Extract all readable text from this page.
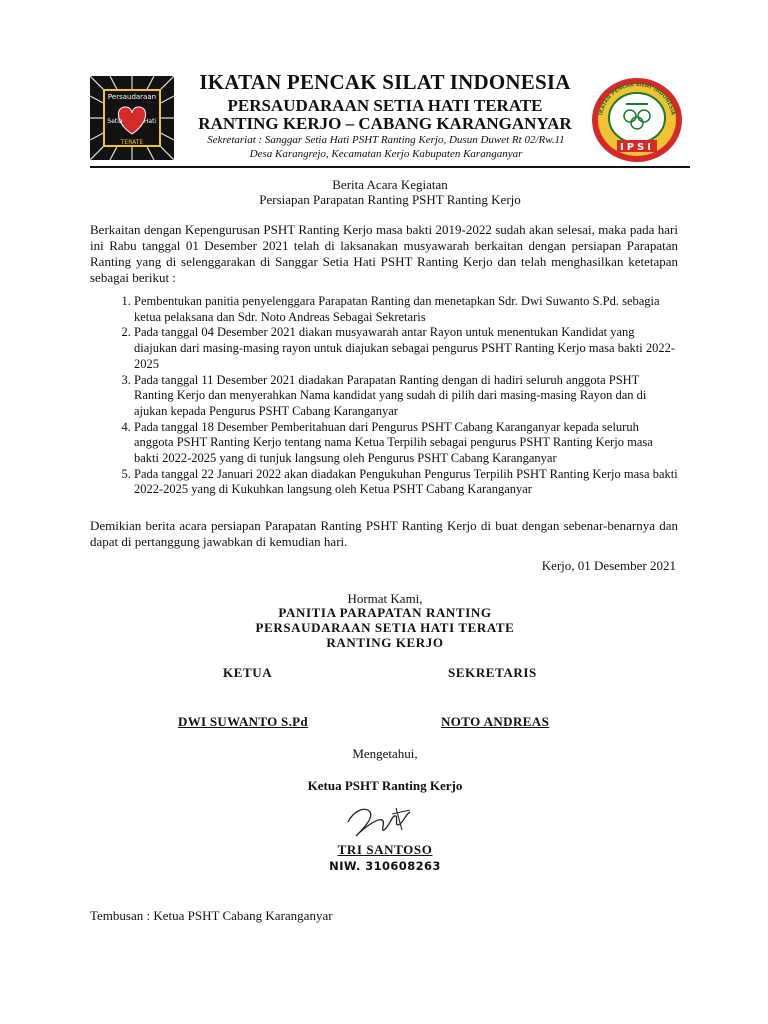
Persaudaraan
Setia	Hati
TERATE
IKATAN PENCAK SILAT INDONESIA
PERSAUDARAAN SETIA HATI TERATE
RANTING KERJO – CABANG KARANGANYAR
Sekretariat : Sanggar Setia Hati PSHT Ranting Kerjo, Dusun Duwet Rt 02/Rw.11
Desa Karangrejo, Kecamatan Kerjo Kabupaten Karanganyar
IKATAN PENCAK SILAT INDONESIA
IPSI
Berita Acara Kegiatan
Persiapan Parapatan Ranting PSHT Ranting Kerjo
Berkaitan dengan Kepengurusan PSHT Ranting Kerjo masa bakti 2019-2022 sudah akan selesai, maka pada hari ini Rabu tanggal 01 Desember 2021 telah di laksanakan musyawarah berkaitan dengan persiapan Parapatan Ranting yang di selenggarakan di Sanggar Setia Hati PSHT Ranting Kerjo dan telah menghasilkan ketetapan sebagai berikut :
1. Pembentukan panitia penyelenggara Parapatan Ranting dan menetapkan Sdr. Dwi Suwanto S.Pd. sebagia ketua pelaksana dan Sdr. Noto Andreas Sebagai Sekretaris
2. Pada tanggal 04 Desember 2021 diakan musyawarah antar Rayon untuk menentukan Kandidat yang diajukan dari masing-masing rayon untuk diajukan sebagai pengurus PSHT Ranting Kerjo masa bakti 2022-2025
3. Pada tanggal 11 Desember 2021 diadakan Parapatan Ranting dengan di hadiri seluruh anggota PSHT Ranting Kerjo dan menyerahkan Nama kandidat yang sudah di pilih dari masing-masing Rayon dan di ajukan kepada Pengurus PSHT Cabang Karanganyar
4. Pada tanggal 18 Desember Pemberitahuan dari Pengurus PSHT Cabang Karanganyar kepada seluruh anggota PSHT Ranting Kerjo tentang nama Ketua Terpilih sebagai pengurus PSHT Ranting Kerjo masa bakti 2022-2025 yang di tunjuk langsung oleh Pengurus PSHT Cabang Karanganyar
5. Pada tanggal 22 Januari 2022 akan diadakan Pengukuhan Pengurus Terpilih PSHT Ranting Kerjo masa bakti 2022-2025 yang di Kukuhkan langsung oleh Ketua PSHT Cabang Karanganyar
Demikian berita acara persiapan Parapatan Ranting PSHT Ranting Kerjo di buat dengan sebenar-benarnya dan dapat di pertanggung jawabkan di kemudian hari.
Kerjo, 01 Desember 2021
Hormat Kami,
PANITIA PARAPATAN RANTING
PERSAUDARAAN SETIA HATI TERATE
RANTING KERJO
KETUA	SEKRETARIS
DWI SUWANTO S.Pd	NOTO ANDREAS
Mengetahui,
Ketua PSHT Ranting Kerjo
TRI SANTOSO
NIW. 310608263
Tembusan : Ketua PSHT Cabang Karanganyar
